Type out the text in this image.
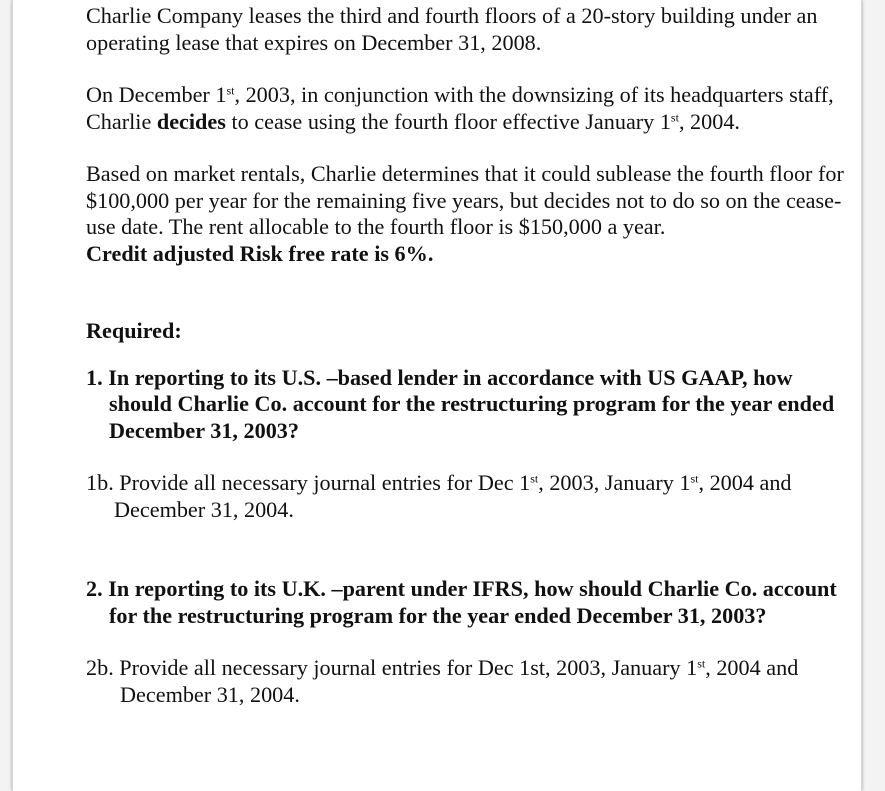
Charlie Company leases the third and fourth floors of a 20-story building under an operating lease that expires on December 31, 2008.

On December 1st, 2003, in conjunction with the downsizing of its headquarters staff, Charlie decides to cease using the fourth floor effective January 1st, 2004.

Based on market rentals, Charlie determines that it could sublease the fourth floor for $100,000 per year for the remaining five years, but decides not to do so on the cease-use date. The rent allocable to the fourth floor is $150,000 a year.
Credit adjusted Risk free rate is 6%.

Required:

1. In reporting to its U.S. –based lender in accordance with US GAAP, how should Charlie Co. account for the restructuring program for the year ended December 31, 2003?

1b. Provide all necessary journal entries for Dec 1st, 2003, January 1st, 2004 and December 31, 2004.

2. In reporting to its U.K. –parent under IFRS, how should Charlie Co. account for the restructuring program for the year ended December 31, 2003?

2b. Provide all necessary journal entries for Dec 1st, 2003, January 1st, 2004 and December 31, 2004.
